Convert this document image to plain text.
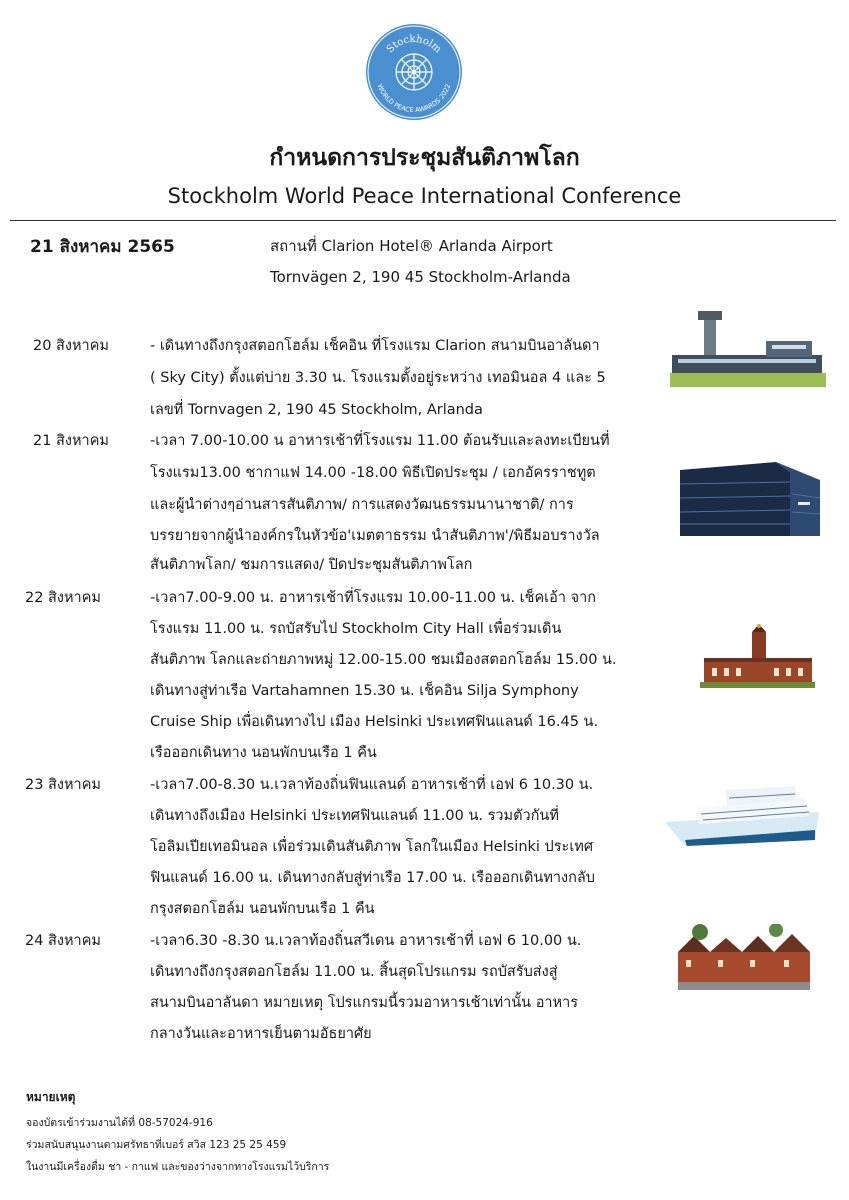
Stockholm
WORLD PEACE AWARDS 2022
กำหนดการประชุมสันติภาพโลก
Stockholm World Peace International Conference
21 สิงหาคม 2565	สถานที่ Clarion Hotel® Arlanda Airport
Tornvägen 2, 190 45 Stockholm-Arlanda
20 สิงหาคม	- เดินทางถึงกรุงสตอกโฮล์ม เช็คอิน ที่โรงแรม Clarion สนามบินอาลันดา
( Sky City) ตั้งแต่บ่าย 3.30 น. โรงแรมตั้งอยู่ระหว่าง เทอมินอล 4 และ 5
เลขที่ Tornvagen 2, 190 45 Stockholm, Arlanda
21 สิงหาคม	-เวลา 7.00-10.00 น อาหารเช้าที่โรงแรม 11.00 ต้อนรับและลงทะเบียนที่
โรงแรม13.00 ชากาแฟ 14.00 -18.00 พิธีเปิดประชุม / เอกอัครราชทูต
และผู้นำต่างๆอ่านสารสันติภาพ/ การแสดงวัฒนธรรมนานาชาติ/ การ
บรรยายจากผู้นำองค์กรในหัวข้อ'เมตตาธรรม นำสันติภาพ'/พิธีมอบรางวัล
สันติภาพโลก/ ชมการแสดง/ ปิดประชุมสันติภาพโลก
22 สิงหาคม	-เวลา7.00-9.00 น. อาหารเช้าที่โรงแรม 10.00-11.00 น. เช็คเอ้า จาก
โรงแรม 11.00 น. รถบัสรับไป Stockholm City Hall เพื่อร่วมเดิน
สันติภาพ โลกและถ่ายภาพหมู่ 12.00-15.00 ชมเมืองสตอกโฮล์ม 15.00 น.
เดินทางสู่ท่าเรือ Vartahamnen 15.30 น. เช็คอิน Silja Symphony
Cruise Ship เพื่อเดินทางไป เมือง Helsinki ประเทศฟินแลนด์ 16.45 น.
เรือออกเดินทาง นอนพักบนเรือ 1 คืน
23 สิงหาคม	-เวลา7.00-8.30 น.เวลาท้องถิ่นฟินแลนด์ อาหารเช้าที่ เอฟ 6 10.30 น.
เดินทางถึงเมือง Helsinki ประเทศฟินแลนด์ 11.00 น. รวมตัวกันที่
โอลิมเปียเทอมินอล เพื่อร่วมเดินสันติภาพ โลกในเมือง Helsinki ประเทศ
ฟินแลนด์ 16.00 น. เดินทางกลับสู่ท่าเรือ 17.00 น. เรือออกเดินทางกลับ
กรุงสตอกโฮล์ม นอนพักบนเรือ 1 คืน
24 สิงหาคม	-เวลา6.30 -8.30 น.เวลาท้องถิ่นสวีเดน อาหารเช้าที่ เอฟ 6 10.00 น.
เดินทางถึงกรุงสตอกโฮล์ม 11.00 น. สิ้นสุดโปรแกรม รถบัสรับส่งสู่
สนามบินอาลันดา หมายเหตุ โปรแกรมนี้รวมอาหารเช้าเท่านั้น อาหาร
กลางวันและอาหารเย็นตามอัธยาศัย
หมายเหตุ
จองบัตรเข้าร่วมงานได้ที่ 08-57024-916
ร่วมสนับสนุนงานตามศรัทธาที่เบอร์ สวิส 123 25 25 459
ในงานมีเครื่องดื่ม ชา - กาแฟ และของว่างจากทางโรงแรมไว้บริการ
